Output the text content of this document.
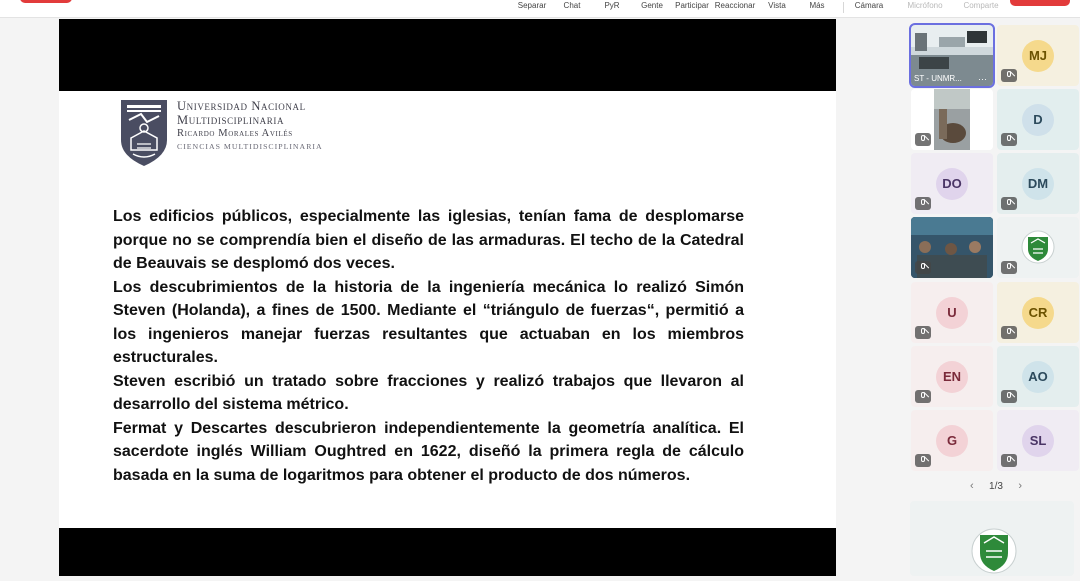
Separar Chat	PyR	Gente Participar Reaccionar Vista	Más	Cámara	Micrófono	Comparte
Universidad Nacional
Multidisciplinaria
Ricardo Morales Avilés
CIENCIAS MULTIDISCIPLINARIA

Los edificios públicos, especialmente las iglesias, tenían fama de desplomarse porque no se comprendía bien el diseño de las armaduras. El techo de la Catedral de Beauvais se desplomó dos veces.

Los descubrimientos de la historia de la ingeniería mecánica lo realizó Simón Steven (Holanda), a fines de 1500. Mediante el “triángulo de fuerzas“, permitió a los ingenieros manejar fuerzas resultantes que actuaban en los miembros estructurales.

Steven escribió un tratado sobre fracciones y realizó trabajos que llevaron al desarrollo del sistema métrico.

Fermat y Descartes descubrieron independientemente la geometría analítica. El sacerdote inglés William Oughtred en 1622, diseñó la primera regla de cálculo basada en la suma de logaritmos para obtener el producto de dos números.

ST - UNMR... ···
MJ
D
DO	DM
U	CR
EN	AO
G	SL
‹ 1/3 ›
